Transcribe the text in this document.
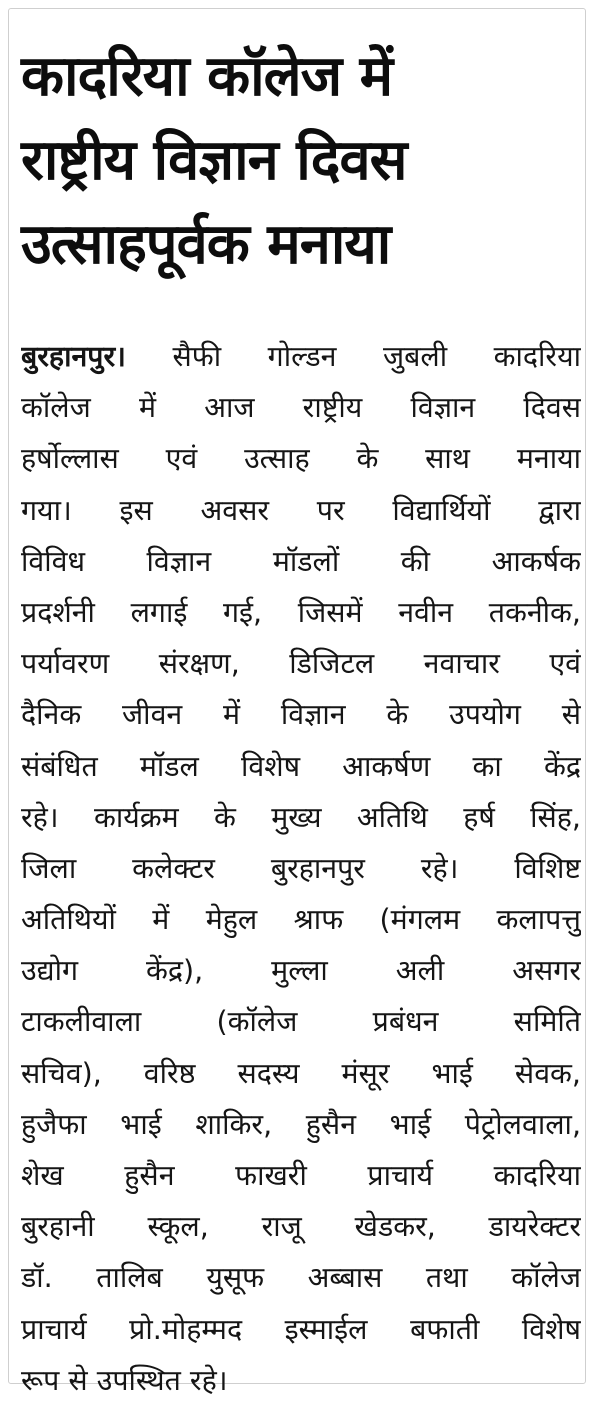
कादरिया कॉलेज में
राष्ट्रीय विज्ञान दिवस
उत्साहपूर्वक मनाया
बुरहानपुर। सैफी गोल्डन जुबली कादरिया
कॉलेज में आज राष्ट्रीय विज्ञान दिवस
हर्षोल्लास एवं उत्साह के साथ मनाया
गया। इस अवसर पर विद्यार्थियों द्वारा
विविध विज्ञान मॉडलों की आकर्षक
प्रदर्शनी लगाई गई, जिसमें नवीन तकनीक,
पर्यावरण संरक्षण, डिजिटल नवाचार एवं
दैनिक जीवन में विज्ञान के उपयोग से
संबंधित मॉडल विशेष आकर्षण का केंद्र
रहे। कार्यक्रम के मुख्य अतिथि हर्ष सिंह,
जिला कलेक्टर बुरहानपुर रहे। विशिष्ट
अतिथियों में मेहुल श्राफ (मंगलम कलापत्तु
उद्योग केंद्र), मुल्ला अली असगर
टाकलीवाला (कॉलेज प्रबंधन समिति
सचिव), वरिष्ठ सदस्य मंसूर भाई सेवक,
हुजैफा भाई शाकिर, हुसैन भाई पेट्रोलवाला,
शेख हुसैन फाखरी प्राचार्य कादरिया
बुरहानी स्कूल, राजू खेडकर, डायरेक्टर
डॉ. तालिब युसूफ अब्बास तथा कॉलेज
प्राचार्य प्रो.मोहम्मद इस्माईल बफाती विशेष
रूप से उपस्थित रहे।
